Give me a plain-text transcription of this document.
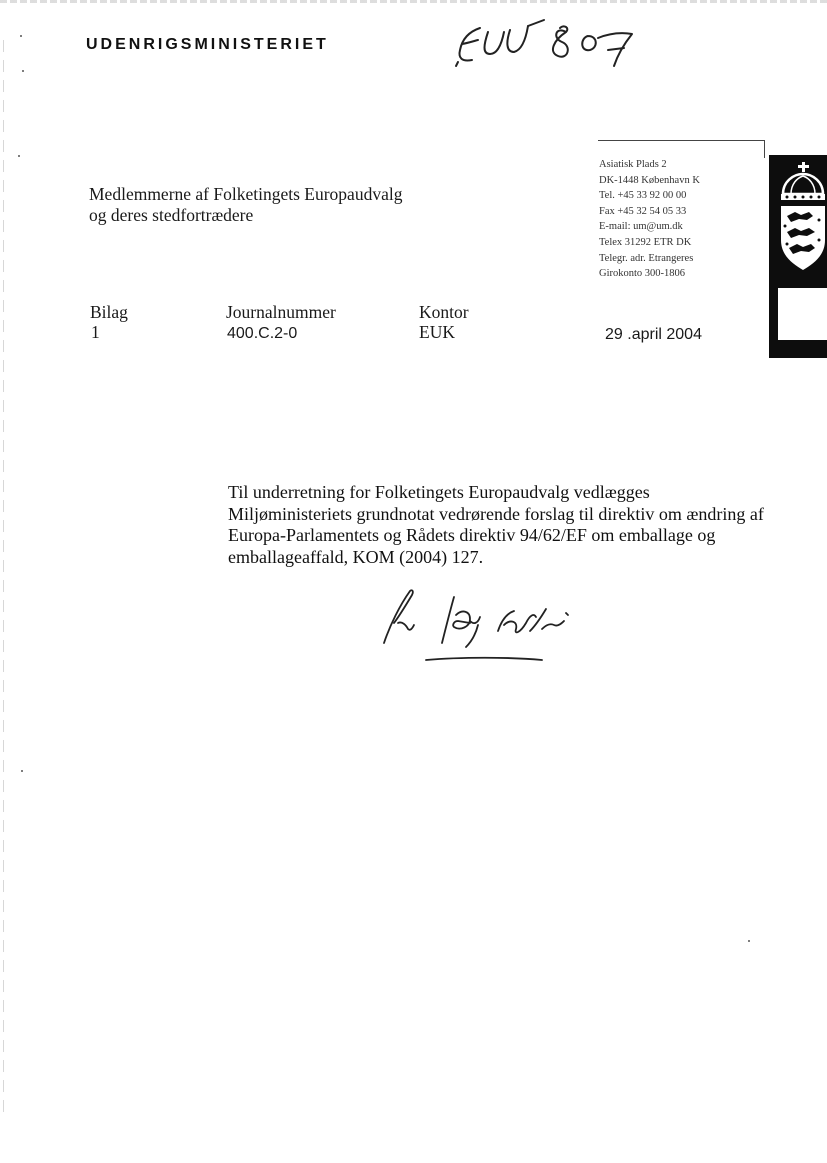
UDENRIGSMINISTERIET
Asiatisk Plads 2
DK-1448 København K
Tel. +45 33 92 00 00
Fax +45 32 54 05 33
E-mail: um@um.dk
Telex 31292 ETR DK
Telegr. adr. Etrangeres
Girokonto 300-1806
Medlemmerne af Folketingets Europaudvalg
og deres stedfortrædere
Bilag
1
Journalnummer
400.C.2-0
Kontor
EUK	29 .april 2004
Til underretning for Folketingets Europaudvalg vedlægges Miljøministeriets grundnotat vedrørende forslag til direktiv om ændring af Europa-Parlamentets og Rådets direktiv 94/62/EF om emballage og emballageaffald, KOM (2004) 127.
